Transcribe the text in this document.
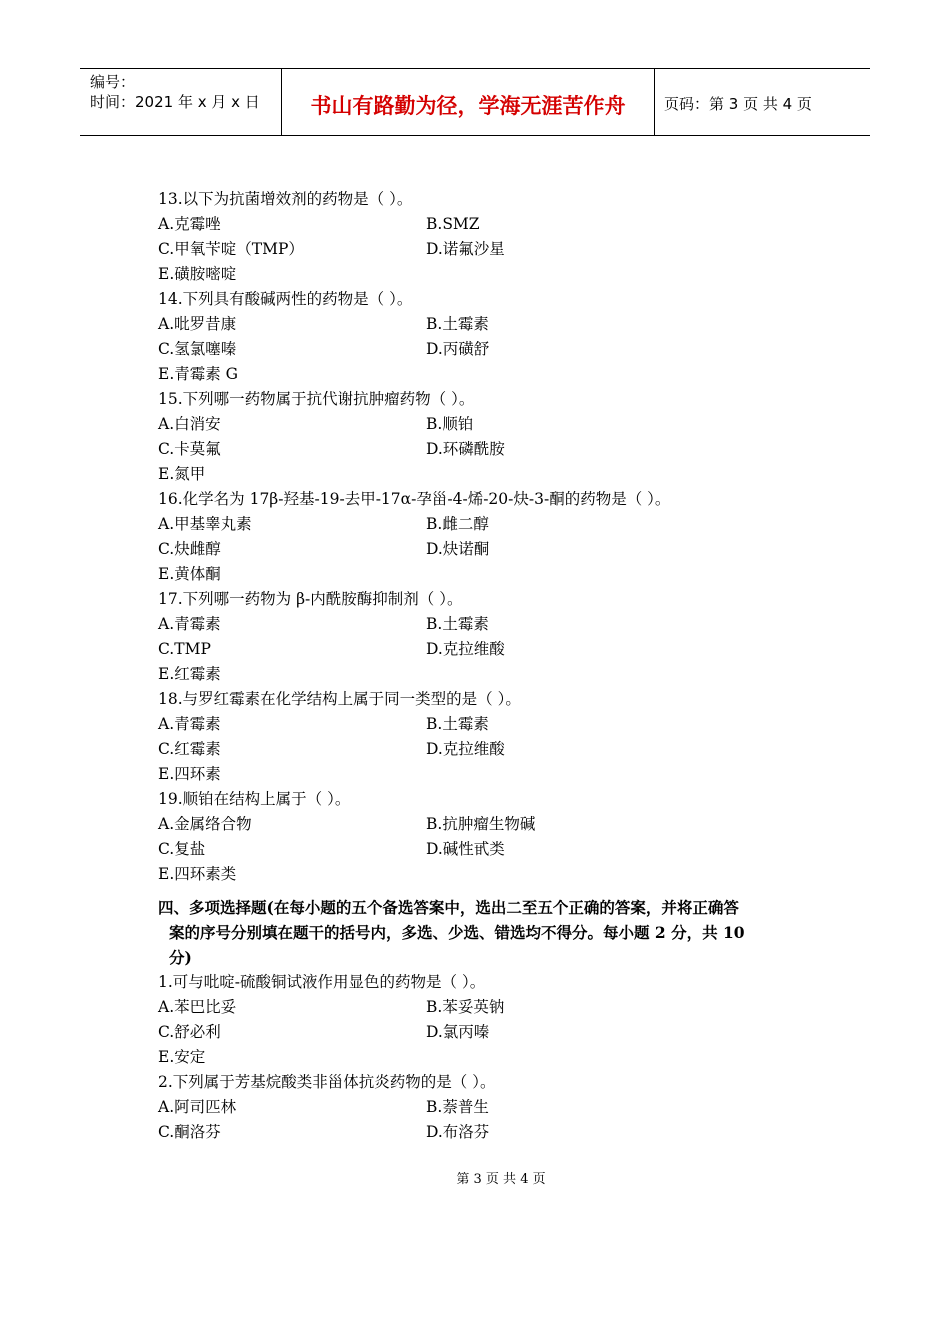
编号：
时间：2021 年 x 月 x 日 书山有路勤为径，学海无涯苦作舟	页码：第 3 页 共 4 页
13.以下为抗菌增效剂的药物是（ ）。
A.克霉唑	B.SMZ
C.甲氧苄啶（TMP）	D.诺氟沙星
E.磺胺嘧啶
14.下列具有酸碱两性的药物是（ ）。
A.吡罗昔康	B.土霉素
C.氢氯噻嗪	D.丙磺舒
E.青霉素 G
15.下列哪一药物属于抗代谢抗肿瘤药物（ ）。
A.白消安	B.顺铂
C.卡莫氟	D.环磷酰胺
E.氮甲
16.化学名为 17β-羟基-19-去甲-17α-孕甾-4-烯-20-炔-3-酮的药物是（ ）。
A.甲基睾丸素	B.雌二醇
C.炔雌醇	D.炔诺酮
E.黄体酮
17.下列哪一药物为 β-内酰胺酶抑制剂（ ）。
A.青霉素	B.土霉素
C.TMP	D.克拉维酸
E.红霉素
18.与罗红霉素在化学结构上属于同一类型的是（ ）。
A.青霉素	B.土霉素
C.红霉素	D.克拉维酸
E.四环素
19.顺铂在结构上属于（ ）。
A.金属络合物	B.抗肿瘤生物碱
C.复盐	D.碱性甙类
E.四环素类
四、多项选择题(在每小题的五个备选答案中，选出二至五个正确的答案，并将正确答
案的序号分别填在题干的括号内，多选、少选、错选均不得分。每小题 2 分，共 10
分)
1.可与吡啶-硫酸铜试液作用显色的药物是（ ）。
A.苯巴比妥	B.苯妥英钠
C.舒必利	D.氯丙嗪
E.安定
2.下列属于芳基烷酸类非甾体抗炎药物的是（ ）。
A.阿司匹林	B.萘普生
C.酮洛芬	D.布洛芬
第 3 页 共 4 页
